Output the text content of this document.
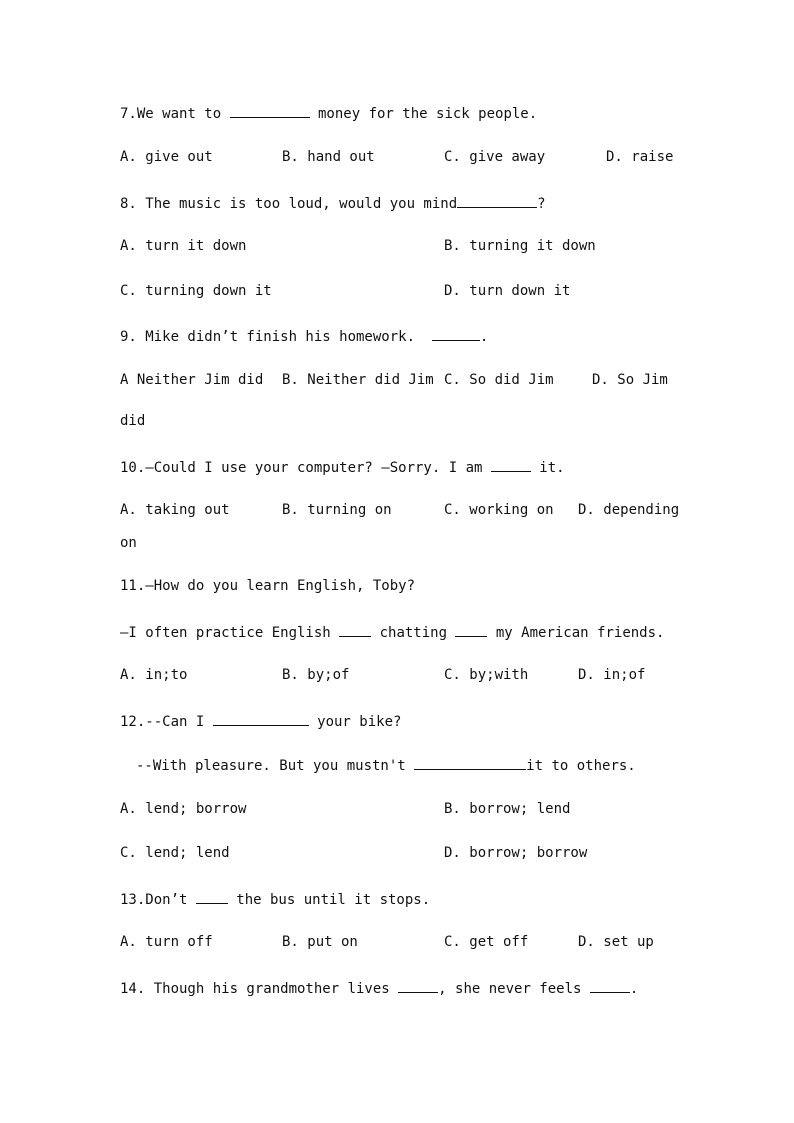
7.We want to	money for the sick people.
A. give out	B. hand out	C. give away	D. raise
8. The music is too loud, would you mind	?
A. turn it down	B. turning it down
C. turning down it	D. turn down it
9. Mike didn’t finish his homework.	.
A Neither Jim did B. Neither did Jim C. So did Jim	D. So Jim
did
10.—Could I use your computer? —Sorry. I am	it.
A. taking out	B. turning on	C. working on D. depending
on
11.—How do you learn English, Toby?
—I often practice English  chatting  my American friends.
A. in;to	B. by;of	C. by;with	D. in;of
12.--Can I	your bike?
--With pleasure. But you mustn't	it to others.
A. lend; borrow	B. borrow; lend
C. lend; lend	D. borrow; borrow
13.Don’t  the bus until it stops.
A. turn off	B. put on	C. get off	D. set up
14. Though his grandmother lives	, she never feels	.
